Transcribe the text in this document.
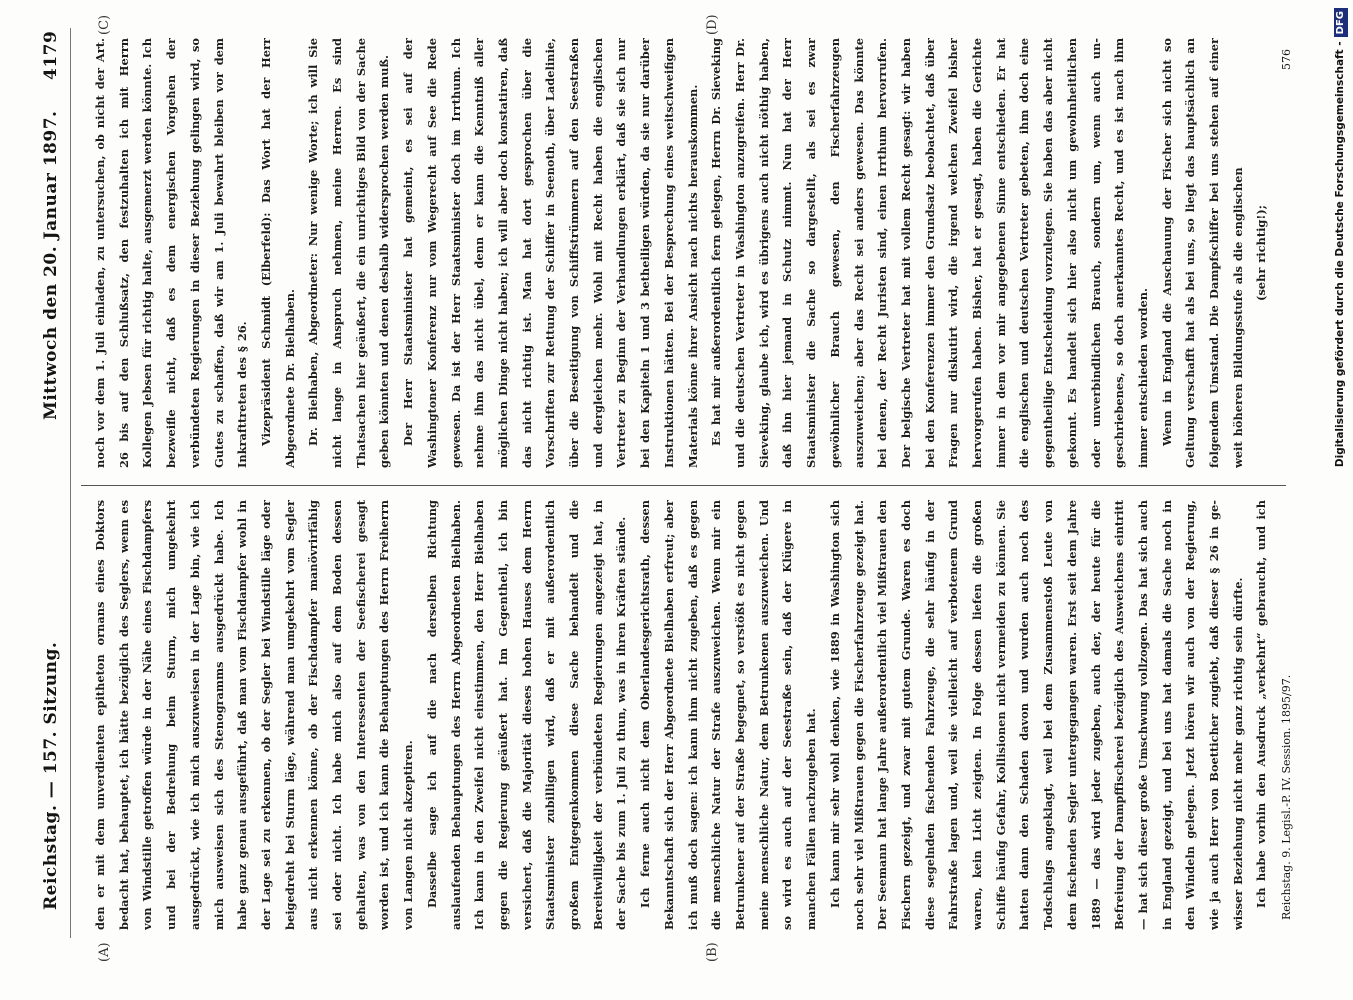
Reichstag. — 157. Sitzung.
Mittwoch den 20. Januar 1897.
4179
(A)	(B)
(C)	(D)

den er mit dem unverdienten epitheton ornans eines Doktors bedacht hat, behauptet, ich hätte bezüglich des Seglers, wenn es von Windstille getroffen würde in der Nähe eines Fischdampfers und bei der Bedrehung beim Sturm, mich umgekehrt ausgedrückt, wie ich mich auszuweisen in der Lage bin, wie ich mich ausweisen sich des Stenogramms ausgedrückt habe. Ich habe ganz genau ausgeführt, daß man vom Fischdampfer wohl in der Lage sei zu erkennen, ob der Segler bei Windstille läge oder beigedreht bei Sturm läge, während man umgekehrt vom Segler aus nicht erkennen könne, ob der Fischdampfer manövrirfähig sei oder nicht. Ich habe mich also auf dem Boden dessen gehalten, was von den Interessenten der Seefischerei gesagt worden ist, und ich kann die Behauptungen des Herrn Freiherrn von Langen nicht akzeptiren. Dasselbe sage ich auf die nach derselben Richtung auslaufenden Behauptungen des Herrn Abgeordneten Bielhaben. Ich kann in den Zweifel nicht einstimmen, den Herr Bielhaben gegen die Regierung geäußert hat. Im Gegentheil, ich bin versichert, daß die Majorität dieses hohen Hauses dem Herrn Staatsminister zubilligen wird, daß er mit außerordentlich großem Entgegenkommen diese Sache behandelt und die Bereitwilligkeit der verbündeten Regierungen angezeigt hat, in der Sache bis zum 1. Juli zu thun, was in ihren Kräften stände. Ich ferne auch nicht dem Oberlandesgerichtsrath, dessen Bekanntschaft sich der Herr Abgeordnete Bielhaben erfreut; aber ich muß doch sagen: ich kann ihm nicht zugeben, daß es gegen die menschliche Natur der Strafe auszuweichen. Wenn mir ein Betrunkener auf der Straße begegnet, so verstößt es nicht gegen meine menschliche Natur, dem Betrunkenen auszuweichen. Und so wird es auch auf der Seestraße sein, daß der Klügere in manchen Fällen nachzugeben hat. Ich kann mir sehr wohl denken, wie 1889 in Washington sich noch sehr viel Mißtrauen gegen die Fischerfahrzeuge gezeigt hat. Der Seemann hat lange Jahre außerordentlich viel Mißtrauen den Fischern gezeigt, und zwar mit gutem Grunde. Waren es doch diese segelnden fischenden Fahrzeuge, die sehr häufig in der Fahrstraße lagen und, weil sie vielleicht auf verbotenem Grund waren, kein Licht zeigten. In Folge dessen liefen die großen Schiffe häufig Gefahr, Kollisionen nicht vermeiden zu können. Sie hatten dann den Schaden davon und wurden auch noch des Todschlags angeklagt, weil bei dem Zusammenstoß Leute von dem fischenden Segler untergegangen waren. Erst seit dem Jahre 1889 — das wird jeder zugeben, auch der, der heute für die Befreiung der Dampffischerei bezüglich des Ausweichens eintritt — hat sich dieser große Umschwung vollzogen. Das hat sich auch in England gezeigt, und bei uns hat damals die Sache noch in den Windeln gelegen. Jetzt hören wir auch von der Regierung, wie ja auch Herr von Boetticher zugiebt, daß dieser § 26 in gewisser Beziehung nicht mehr ganz richtig sein dürfte. Ich habe vorhin den Ausdruck „verkehrt“ gebraucht, und ich

noch vor dem 1. Juli einladen, zu untersuchen, ob nicht der Art. 26 bis auf den Schlußsatz, den festzuhalten ich mit Herrn Kollegen Jebsen für richtig halte, ausgemerzt werden könnte. Ich bezweifle nicht, daß es dem energischen Vorgehen der verbündeten Regierungen in dieser Beziehung gelingen wird, so Gutes zu schaffen, daß wir am 1. Juli bewahrt bleiben vor dem Inkrafttreten des § 26. Vizepräsident Schmidt (Elberfeld): Das Wort hat der Herr Abgeordnete Dr. Bielhaben. Dr. Bielhaben, Abgeordneter: Nur wenige Worte; ich will Sie nicht lange in Anspruch nehmen, meine Herren. Es sind Thatsachen hier geäußert, die ein unrichtiges Bild von der Sache geben könnten und denen deshalb widersprochen werden muß. Der Herr Staatsminister hat gemeint, es sei auf der Washingtoner Konferenz nur vom Wegerecht auf See die Rede gewesen. Da ist der Herr Staatsminister doch im Irrthum. Ich nehme ihm das nicht übel, denn er kann die Kenntniß aller möglichen Dinge nicht haben; ich will aber doch konstatiren, daß das nicht richtig ist. Man hat dort gesprochen über die Vorschriften zur Rettung der Schiffer in Seenoth, über Ladelinie, über die Beseitigung von Schiffstrümmern auf den Seestraßen und dergleichen mehr. Wohl mit Recht haben die englischen Vertreter zu Beginn der Verhandlungen erklärt, daß sie sich nur bei den Kapiteln 1 und 3 betheiligen würden, da sie nur darüber Instruktionen hätten. Bei der Besprechung eines weitschweifigen Materials könne ihrer Ansicht nach nichts herauskommen. Es hat mir außerordentlich fern gelegen, Herrn Dr. Sieveking und die deutschen Vertreter in Washington anzugreifen. Herr Dr. Sieveking, glaube ich, wird es übrigens auch nicht nöthig haben, daß ihn hier jemand in Schutz nimmt. Nun hat der Herr Staatsminister die Sache so dargestellt, als sei es zwar gewöhnlicher Brauch gewesen, den Fischerfahrzeugen auszuweichen; aber das Recht sei anders gewesen. Das könnte bei denen, der Recht Juristen sind, einen Irrthum hervorrufen. Der belgische Vertreter hat mit vollem Recht gesagt: wir haben bei den Konferenzen immer den Grundsatz beobachtet, daß über Fragen nur diskutirt wird, die irgend welchen Zweifel bisher hervorgerufen haben. Bisher, hat er gesagt, haben die Gerichte immer in dem vor mir angegebenen Sinne entschieden. Er hat die englischen und deutschen Vertreter gebeten, ihm doch eine gegentheilige Entscheidung vorzulegen. Sie haben das aber nicht gekonnt. Es handelt sich hier also nicht um gewohnheitlichen oder unverbindlichen Brauch, sondern um, wenn auch ungeschriebenes, so doch anerkanntes Recht, und es ist nach ihm immer entschieden worden. Wenn in England die Anschauung der Fischer sich nicht so Geltung verschafft hat als bei uns, so liegt das hauptsächlich an folgendem Umstand. Die Dampfschiffer bei uns stehen auf einer weit höheren Bildungsstufe als die englischen (sehr richtig!);

Reichstag. 9. Legisl.-P. IV. Session. 1895/97.
576	Digitalisierung gefördert durch die Deutsche Forschungsgemeinschaft -DFG
